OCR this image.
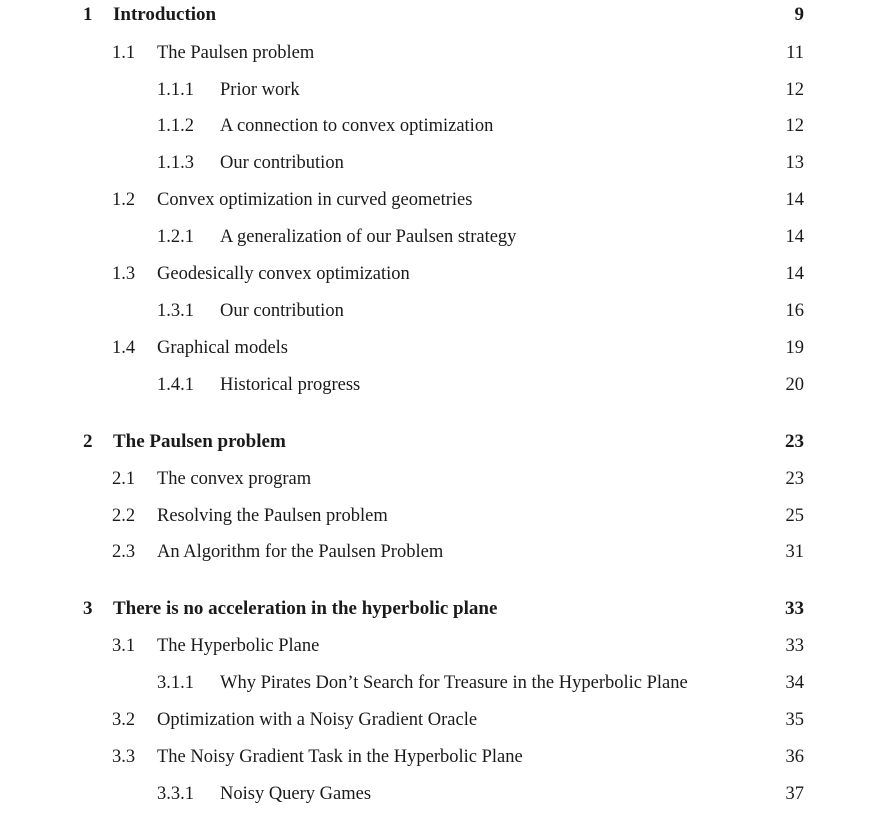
1 Introduction	9
1.1 The Paulsen problem	11
1.1.1 Prior work	12
1.1.2 A connection to convex optimization	12
1.1.3 Our contribution	13
1.2 Convex optimization in curved geometries	14
1.2.1 A generalization of our Paulsen strategy	14
1.3 Geodesically convex optimization	14
1.3.1 Our contribution	16
1.4 Graphical models	19
1.4.1 Historical progress	20
2 The Paulsen problem	23
2.1 The convex program	23
2.2 Resolving the Paulsen problem	25
2.3 An Algorithm for the Paulsen Problem	31
3 There is no acceleration in the hyperbolic plane	33
3.1 The Hyperbolic Plane	33
3.1.1 Why Pirates Don’t Search for Treasure in the Hyperbolic Plane	34
3.2 Optimization with a Noisy Gradient Oracle	35
3.3 The Noisy Gradient Task in the Hyperbolic Plane	36
3.3.1 Noisy Query Games	37
